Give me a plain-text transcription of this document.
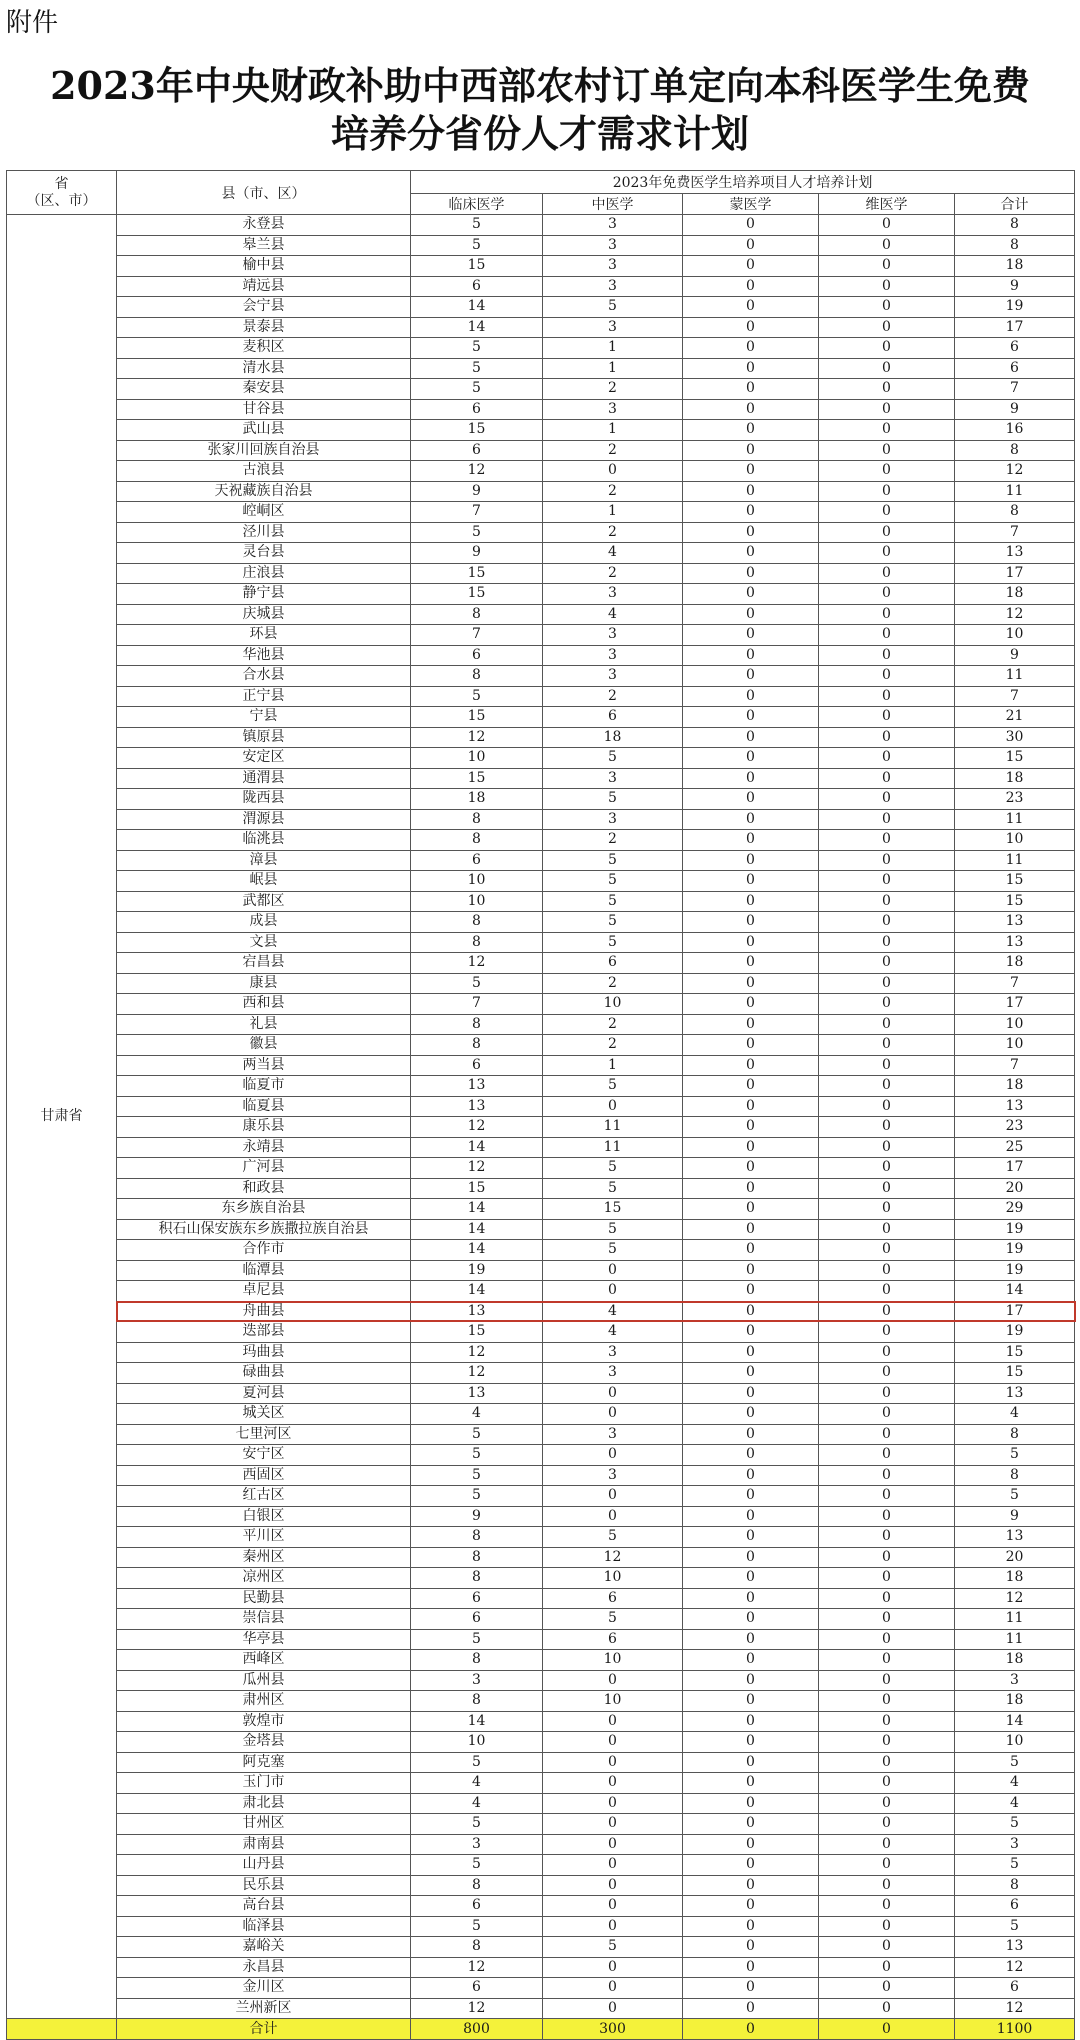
附件
2023年中央财政补助中西部农村订单定向本科医学生免费
培养分省份人才需求计划
省
（区、市）	县（市、区）	2023年免费医学生培养项目人才培养计划				
		临床医学	中医学	蒙医学	维医学	合计
甘肃省	永登县	5	3	0	0	8
	皋兰县	5	3	0	0	8
	榆中县	15	3	0	0	18
	靖远县	6	3	0	0	9
	会宁县	14	5	0	0	19
	景泰县	14	3	0	0	17
	麦积区	5	1	0	0	6
	清水县	5	1	0	0	6
	秦安县	5	2	0	0	7
	甘谷县	6	3	0	0	9
	武山县	15	1	0	0	16
	张家川回族自治县	6	2	0	0	8
	古浪县	12	0	0	0	12
	天祝藏族自治县	9	2	0	0	11
	崆峒区	7	1	0	0	8
	泾川县	5	2	0	0	7
	灵台县	9	4	0	0	13
	庄浪县	15	2	0	0	17
	静宁县	15	3	0	0	18
	庆城县	8	4	0	0	12
	环县	7	3	0	0	10
	华池县	6	3	0	0	9
	合水县	8	3	0	0	11
	正宁县	5	2	0	0	7
	宁县	15	6	0	0	21
	镇原县	12	18	0	0	30
	安定区	10	5	0	0	15
	通渭县	15	3	0	0	18
	陇西县	18	5	0	0	23
	渭源县	8	3	0	0	11
	临洮县	8	2	0	0	10
	漳县	6	5	0	0	11
	岷县	10	5	0	0	15
	武都区	10	5	0	0	15
	成县	8	5	0	0	13
	文县	8	5	0	0	13
	宕昌县	12	6	0	0	18
	康县	5	2	0	0	7
	西和县	7	10	0	0	17
	礼县	8	2	0	0	10
	徽县	8	2	0	0	10
	两当县	6	1	0	0	7
	临夏市	13	5	0	0	18
	临夏县	13	0	0	0	13
	康乐县	12	11	0	0	23
	永靖县	14	11	0	0	25
	广河县	12	5	0	0	17
	和政县	15	5	0	0	20
	东乡族自治县	14	15	0	0	29
	积石山保安族东乡族撒拉族自治县	14	5	0	0	19
	合作市	14	5	0	0	19
	临潭县	19	0	0	0	19
	卓尼县	14	0	0	0	14
	舟曲县	13	4	0	0	17
	迭部县	15	4	0	0	19
	玛曲县	12	3	0	0	15
	碌曲县	12	3	0	0	15
	夏河县	13	0	0	0	13
	城关区	4	0	0	0	4
	七里河区	5	3	0	0	8
	安宁区	5	0	0	0	5
	西固区	5	3	0	0	8
	红古区	5	0	0	0	5
	白银区	9	0	0	0	9
	平川区	8	5	0	0	13
	秦州区	8	12	0	0	20
	凉州区	8	10	0	0	18
	民勤县	6	6	0	0	12
	崇信县	6	5	0	0	11
	华亭县	5	6	0	0	11
	西峰区	8	10	0	0	18
	瓜州县	3	0	0	0	3
	肃州区	8	10	0	0	18
	敦煌市	14	0	0	0	14
	金塔县	10	0	0	0	10
	阿克塞	5	0	0	0	5
	玉门市	4	0	0	0	4
	肃北县	4	0	0	0	4
	甘州区	5	0	0	0	5
	肃南县	3	0	0	0	3
	山丹县	5	0	0	0	5
	民乐县	8	0	0	0	8
	高台县	6	0	0	0	6
	临泽县	5	0	0	0	5
	嘉峪关	8	5	0	0	13
	永昌县	12	0	0	0	12
	金川区	6	0	0	0	6
	兰州新区	12	0	0	0	12
	合计	800	300	0	0	1100
